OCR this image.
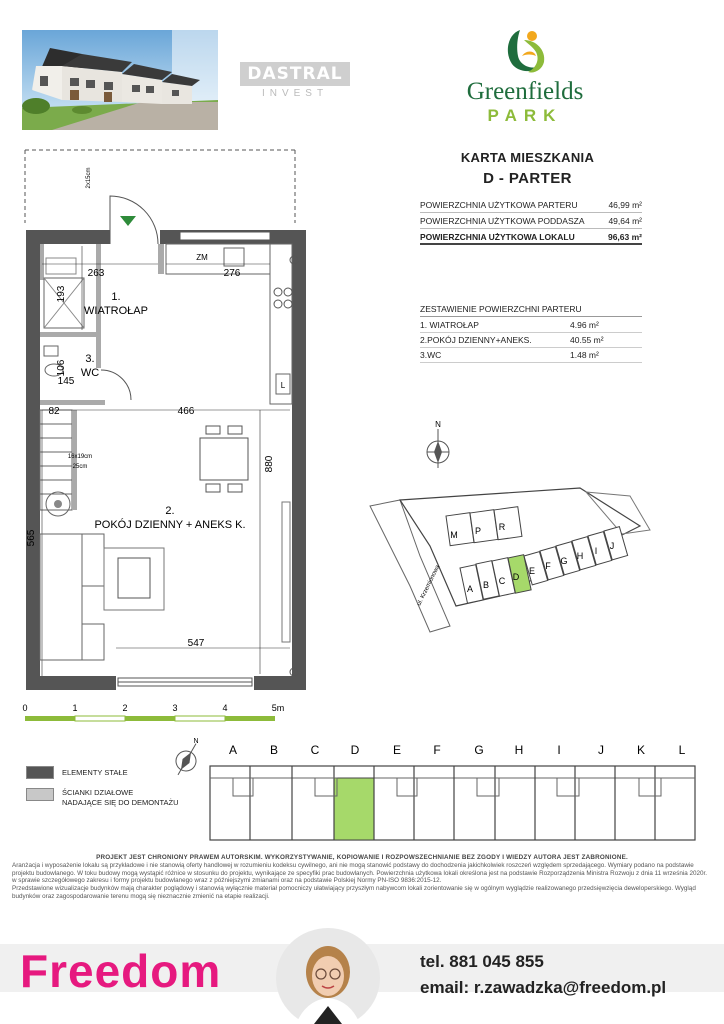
DASTRAL
INVEST	Greenfields
PARK
KARTA MIESZKANIA
D - PARTER
POWIERZCHNIA UŻYTKOWA PARTERU	46,99 m²
POWIERZCHNIA UŻYTKOWA PODDASZA	49,64 m²
POWIERZCHNIA UŻYTKOWA LOKALU	96,63 m²
ZESTAWIENIE POWIERZCHNI PARTERU
1. WIATROŁAP	4.96 m²
2.POKÓJ DZIENNY+ANEKS.	40.55 m²
3.WC	1.48 m²
1.
WIATROŁAP
3.
WC
2.
POKÓJ DZIENNY + ANEKS K.
263	276
193
106
145
82	466
880
565
547
16x19cm
25cm
ZM
L
2x15cm
0	1	2	3	4	5m
N
M P R
A B C D
E F G H I J
ul. Krzemionowa
N
ELEMENTY STAŁE
ŚCIANKI DZIAŁOWE
NADAJĄCE SIĘ DO DEMONTAŻU
A	B	C	D	E	F	G	H	I	J	K	L
PROJEKT JEST CHRONIONY PRAWEM AUTORSKIM. WYKORZYSTYWANIE, KOPIOWANIE I ROZPOWSZECHNIANIE BEZ ZGODY I WIEDZY AUTORA JEST ZABRONIONE.
Aranżacja i wyposażenie lokalu są przykładowe i nie stanowią oferty handlowej w rozumieniu kodeksu cywilnego, ani nie mogą stanowić podstawy do dochodzenia jakichkolwiek roszczeń względem sprzedającego. Wymiary podano na podstawie projektu budowlanego. W toku budowy mogą wystąpić różnice w stosunku do projektu, wynikające ze specyfiki prac budowlanych. Powierzchnia użytkowa lokali określona jest na podstawie Rozporządzenia Ministra Rozwoju z dnia 11 września 2020r. w sprawie szczegółowego zakresu i formy projektu budowlanego wraz z późniejszymi zmianami oraz na podstawie Polskiej Normy PN-ISO 9836:2015-12.
Przedstawione wizualizacje budynków mają charakter poglądowy i stanowią wyłącznie materiał pomocniczy ułatwiający przyszłym nabywcom lokali zorientowanie się w ogólnym wyglądzie realizowanego przedsięwzięcia deweloperskiego. Wygląd budynków oraz zagospodarowanie terenu mogą się nieznacznie zmienić na etapie realizacji.
Freedom	tel. 881 045 855
email: r.zawadzka@freedom.pl
